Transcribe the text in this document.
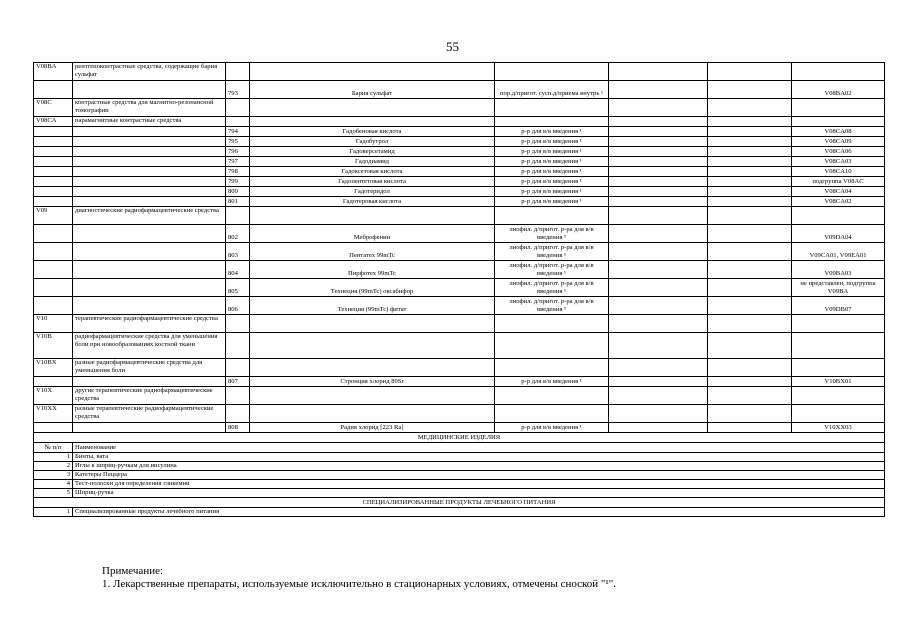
55
V08BA	рентгеноконтрастные средства, содержащие бария сульфат						
		793	Бария сульфат	пор.д/пригот. сусп.д/приема внутрь ¹			V08BA02
V08C	контрастные средства для магнитно-резонансной томографии						
V08CA	парамагнитные контрастные средства						
		794	Гадобеновая кислота	р-р для в/в введения ¹			V08CA08
		795	Гадобутрол	р-р для в/в введения ¹			V08CA09
		796	Гадоверсетамид	р-р для в/в введения ¹			V08CA06
		797	Гадодиамид	р-р для в/в введения ¹			V08CA03
		798	Гадоксетовая кислота	р-р для в/в введения ¹			V08CA10
		799	Гадопентетовая кислота	р-р для в/в введения ¹			подгруппа V08AC
		800	Гадотеридол	р-р для в/в введения ¹			V08CA04
		801	Гадотеровая кислота	р-р для в/в введения ¹			V08CA02
V09	диагностические радиофармацевтические средства						
		802	Меброфенин	лиофил. д/пригот. р-ра для в/в введения ¹			V09DA04
		803	Пентатех 99mTc	лиофил. д/пригот. р-ра для в/в введения ¹			V09CA01, V09EA01
		804	Пирфотех 99mTc	лиофил. д/пригот. р-ра для в/в введения ¹			V09BA03
		805	Технеция (99mTc) оксабифор	лиофил. д/пригот. р-ра для в/в введения ¹			не представлен, подгруппа V09BA
		806	Технеция (99mTc) фитат	лиофил. д/пригот. р-ра для в/в введения ¹			V09DB07
V10	терапевтические радиофармацевтические средства						
V10B	радиофармацевтические средства для уменьшения боли при новообразованиях костной ткани						
V10BX	разные радиофармацевтические средства для уменьшения боли						
		807	Стронция хлорид 89Sr	р-р для в/в введения ¹			V10BX01
V10X	другие терапевтические радиофармацевтические средства						
V10XX	разные терапевтические радиофармацевтические средства						
		808	Радия хлорид [223 Ra]	р-р для в/в введения ¹			V10XX03
МЕДИЦИНСКИЕ ИЗДЕЛИЯ							
№ п/п	Наименование						
1	Бинты, вата						
2	Иглы к шприц-ручкам для инсулина						
3	Катетеры Пеццера						
4	Тест-полоски для определения гликемии						
5	Шприц-ручка						
СПЕЦИАЛИЗИРОВАННЫЕ ПРОДУКТЫ ЛЕЧЕБНОГО ПИТАНИЯ							
1	Специализированные продукты лечебного питания						
Примечание:
1. Лекарственные препараты, используемые исключительно в стационарных условиях, отмечены сноской "¹".
